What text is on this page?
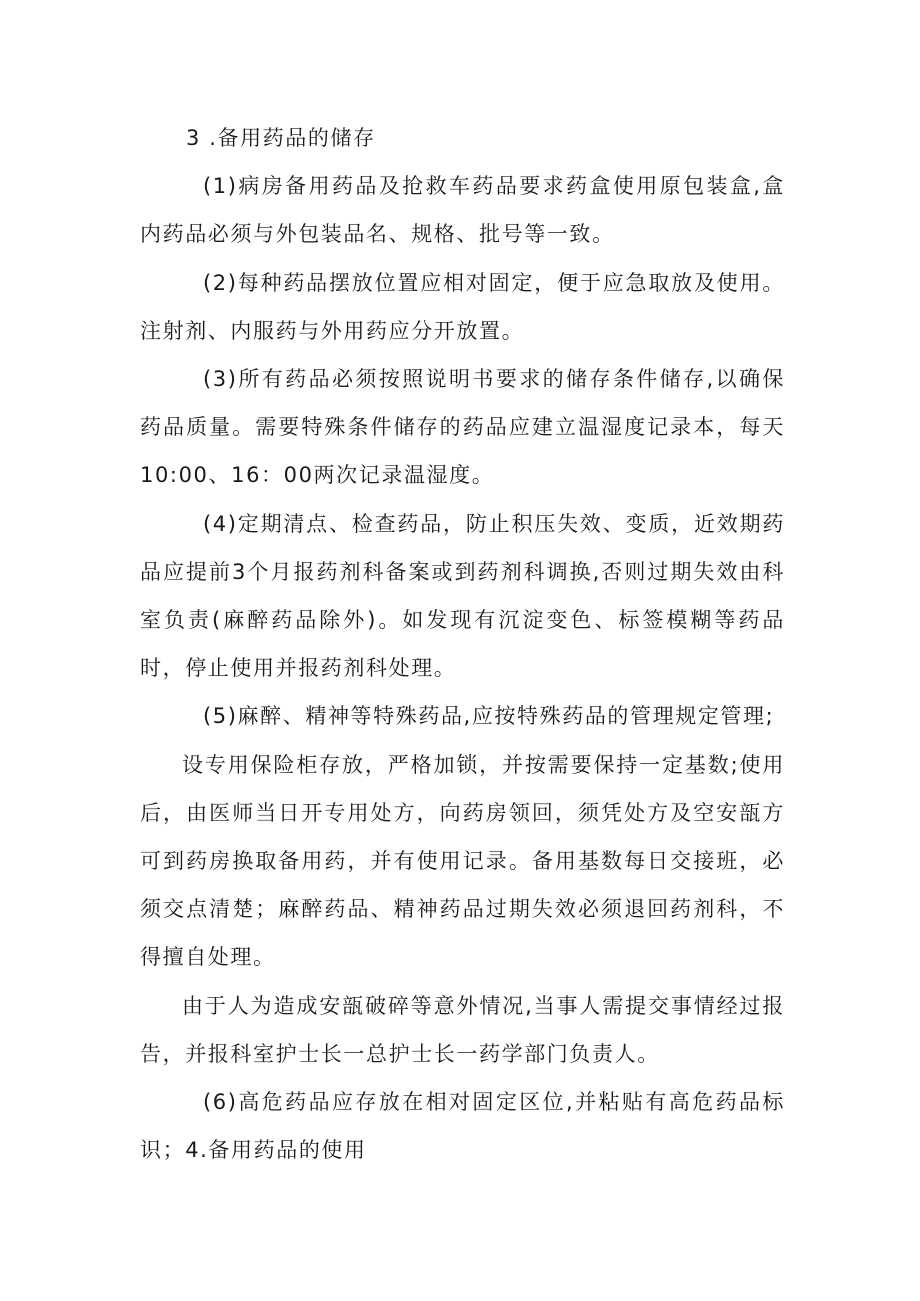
3 .备用药品的储存

(1)病房备用药品及抢救车药品要求药盒使用原包装盒,盒内药品必须与外包装品名、规格、批号等一致。

(2)每种药品摆放位置应相对固定，便于应急取放及使用。注射剂、内服药与外用药应分开放置。

(3)所有药品必须按照说明书要求的储存条件储存,以确保药品质量。需要特殊条件储存的药品应建立温湿度记录本，每天10:00、16：00两次记录温湿度。

(4)定期清点、检查药品，防止积压失效、变质，近效期药品应提前3个月报药剂科备案或到药剂科调换,否则过期失效由科室负责(麻醉药品除外)。如发现有沉淀变色、标签模糊等药品时，停止使用并报药剂科处理。

(5)麻醉、精神等特殊药品,应按特殊药品的管理规定管理;

设专用保险柜存放，严格加锁，并按需要保持一定基数;使用后，由医师当日开专用处方，向药房领回，须凭处方及空安瓿方可到药房换取备用药，并有使用记录。备用基数每日交接班，必须交点清楚；麻醉药品、精神药品过期失效必须退回药剂科，不得擅自处理。

由于人为造成安瓿破碎等意外情况,当事人需提交事情经过报告，并报科室护士长一总护士长一药学部门负责人。

(6)高危药品应存放在相对固定区位,并粘贴有高危药品标识；4.备用药品的使用
